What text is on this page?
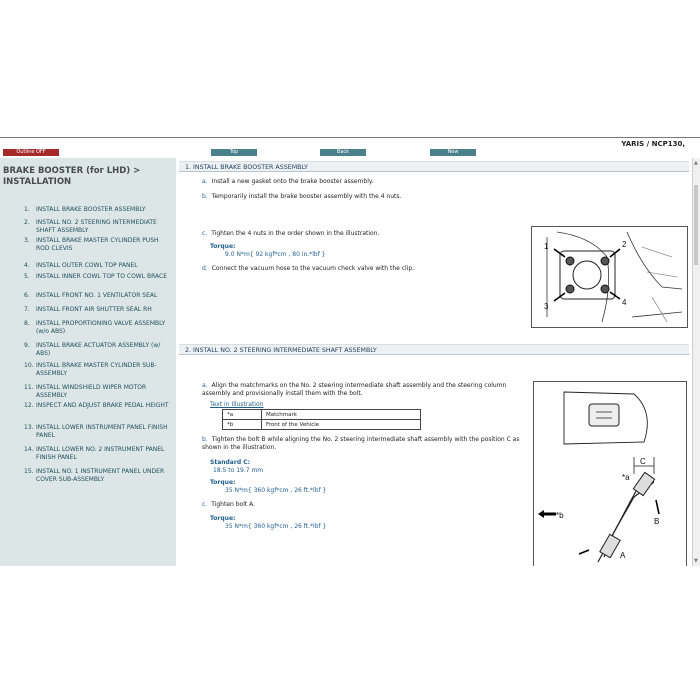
Outline OFF	Top	Back	New
YARIS / NCP130,
BRAKE BOOSTER (for LHD) > INSTALLATION
1. INSTALL BRAKE BOOSTER ASSEMBLY
2. INSTALL NO. 2 STEERING INTERMEDIATE SHAFT ASSEMBLY
3. INSTALL BRAKE MASTER CYLINDER PUSH ROD CLEVIS
4. INSTALL OUTER COWL TOP PANEL
5. INSTALL INNER COWL TOP TO COWL BRACE
6. INSTALL FRONT NO. 1 VENTILATOR SEAL
7. INSTALL FRONT AIR SHUTTER SEAL RH
8. INSTALL PROPORTIONING VALVE ASSEMBLY (w/o ABS)
9. INSTALL BRAKE ACTUATOR ASSEMBLY (w/ ABS)
10. INSTALL BRAKE MASTER CYLINDER SUB-ASSEMBLY
11. INSTALL WINDSHIELD WIPER MOTOR ASSEMBLY
12. INSPECT AND ADJUST BRAKE PEDAL HEIGHT
13. INSTALL LOWER INSTRUMENT PANEL FINISH PANEL
14. INSTALL LOWER NO. 2 INSTRUMENT PANEL FINISH PANEL
15. INSTALL NO. 1 INSTRUMENT PANEL UNDER COVER SUB-ASSEMBLY
1. INSTALL BRAKE BOOSTER ASSEMBLY
a. Install a new gasket onto the brake booster assembly.
b. Temporarily install the brake booster assembly with the 4 nuts.
c. Tighten the 4 nuts in the order shown in the illustration.
Torque:
9.0 N*m{ 92 kgf*cm , 80 in.*lbf }
d. Connect the vacuum hose to the vacuum check valve with the clip.
1	2
3	4
2. INSTALL NO. 2 STEERING INTERMEDIATE SHAFT ASSEMBLY
a. Align the matchmarks on the No. 2 steering intermediate shaft assembly and the steering column assembly and provisionally install them with the bolt.
Text in Illustration
*a	Matchmark
*b	Front of the Vehicle
b. Tighten the bolt B while aligning the No. 2 steering intermediate shaft assembly with the position C as shown in the illustration.
Standard C:
18.5 to 19.7 mm
Torque:
35 N*m{ 360 kgf*cm , 26 ft.*lbf }
c. Tighten bolt A.
Torque:
35 N*m{ 360 kgf*cm , 26 ft.*lbf }
*a
B
C
*b
A
▲
▼
